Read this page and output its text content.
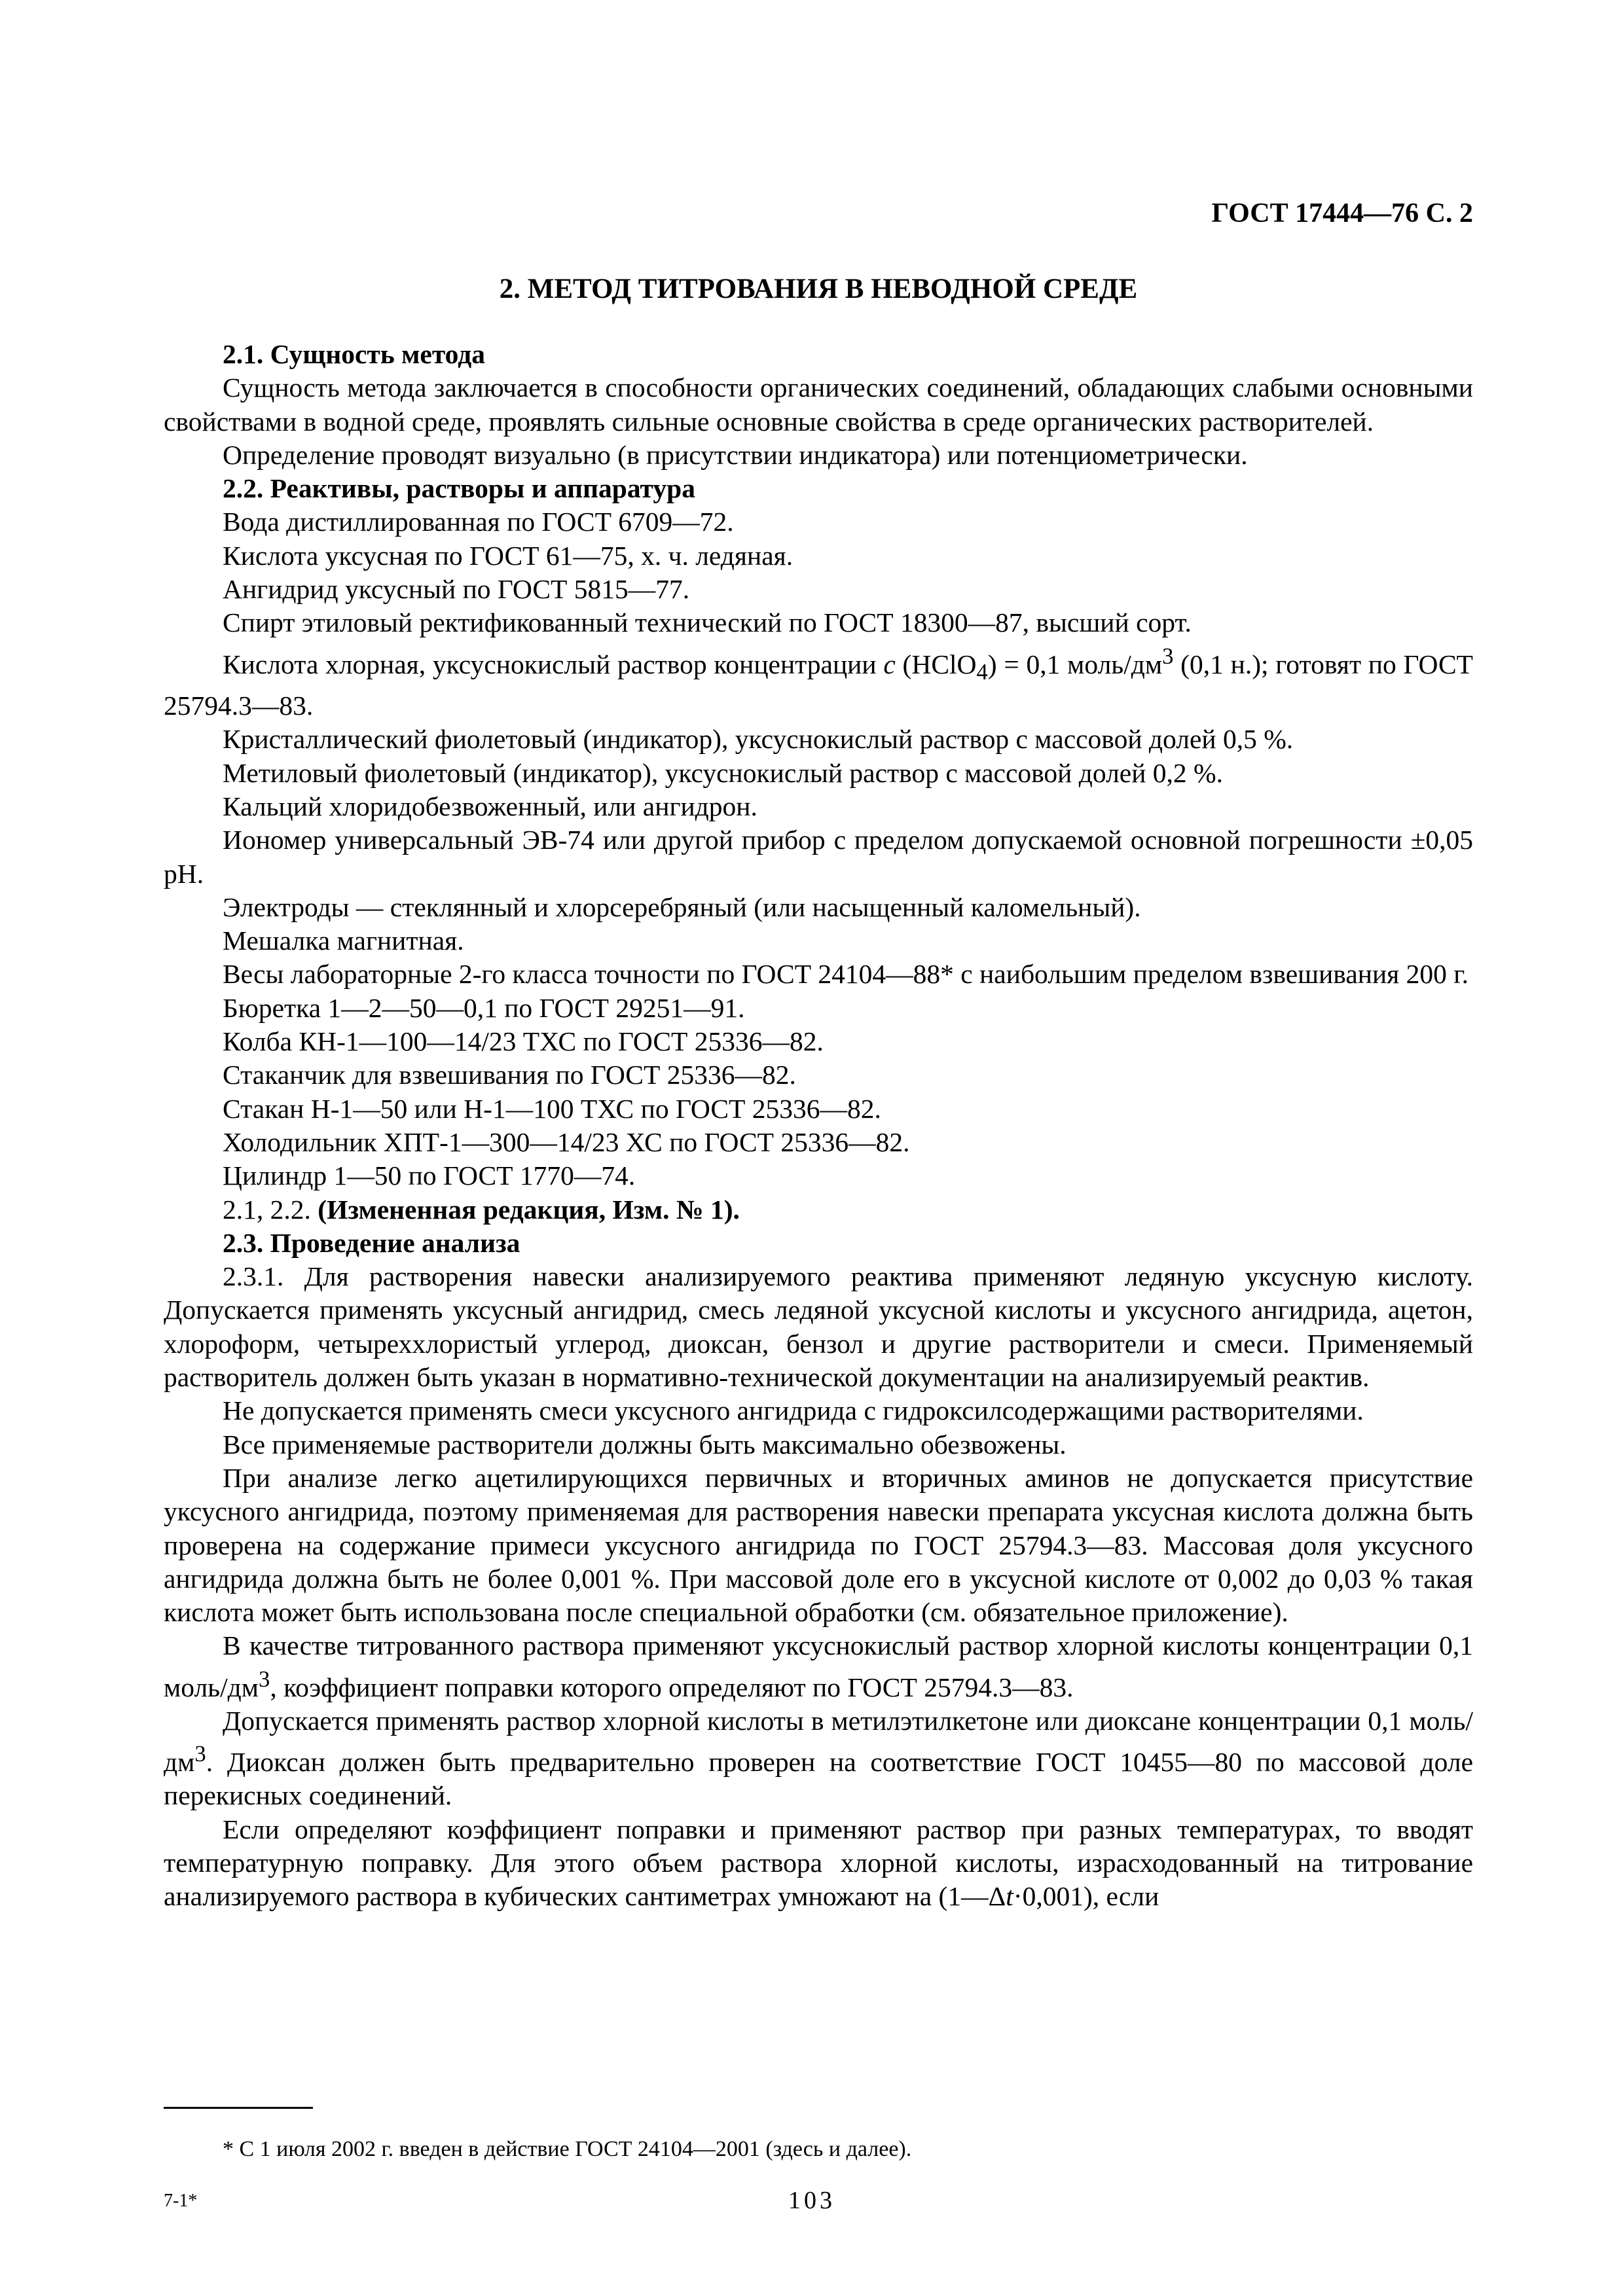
ГОСТ 17444—76 С. 2
2. МЕТОД ТИТРОВАНИЯ В НЕВОДНОЙ СРЕДЕ

2.1. Сущность метода

Сущность метода заключается в способности органических соединений, обладающих слабыми основными свойствами в водной среде, проявлять сильные основные свойства в среде органических растворителей.

Определение проводят визуально (в присутствии индикатора) или потенциометрически.

2.2. Реактивы, растворы и аппаратура

Вода дистиллированная по ГОСТ 6709—72.

Кислота уксусная по ГОСТ 61—75, х. ч. ледяная.

Ангидрид уксусный по ГОСТ 5815—77.

Спирт этиловый ректификованный технический по ГОСТ 18300—87, высший сорт.

Кислота хлорная, уксуснокислый раствор концентрации c (HClO$_4$) = 0,1 моль/$дм^3$ (0,1 н.); готовят по ГОСТ 25794.3—83.

Кристаллический фиолетовый (индикатор), уксуснокислый раствор с массовой долей 0,5 %.

Метиловый фиолетовый (индикатор), уксуснокислый раствор с массовой долей 0,2 %.

Кальций хлоридобезвоженный, или ангидрон.

Иономер универсальный ЭВ-74 или другой прибор с пределом допускаемой основной погрешности ±0,05 pH.

Электроды — стеклянный и хлорсеребряный (или насыщенный каломельный).

Мешалка магнитная.

Весы лабораторные 2-го класса точности по ГОСТ 24104—88* с наибольшим пределом взвешивания 200 г.

Бюретка 1—2—50—0,1 по ГОСТ 29251—91.

Колба КН-1—100—14/23 ТХС по ГОСТ 25336—82.

Стаканчик для взвешивания по ГОСТ 25336—82.

Стакан Н-1—50 или Н-1—100 ТХС по ГОСТ 25336—82.

Холодильник ХПТ-1—300—14/23 ХС по ГОСТ 25336—82.

Цилиндр 1—50 по ГОСТ 1770—74.

2.1, 2.2. (Измененная редакция, Изм. № 1).

2.3. Проведение анализа

2.3.1. Для растворения навески анализируемого реактива применяют ледяную уксусную кислоту. Допускается применять уксусный ангидрид, смесь ледяной уксусной кислоты и уксусного ангидрида, ацетон, хлороформ, четыреххлористый углерод, диоксан, бензол и другие растворители и смеси. Применяемый растворитель должен быть указан в нормативно-технической документации на анализируемый реактив.

Не допускается применять смеси уксусного ангидрида с гидроксилсодержащими растворителями.

Все применяемые растворители должны быть максимально обезвожены.

При анализе легко ацетилирующихся первичных и вторичных аминов не допускается присутствие уксусного ангидрида, поэтому применяемая для растворения навески препарата уксусная кислота должна быть проверена на содержание примеси уксусного ангидрида по ГОСТ 25794.3—83. Массовая доля уксусного ангидрида должна быть не более 0,001 %. При массовой доле его в уксусной кислоте от 0,002 до 0,03 % такая кислота может быть использована после специальной обработки (см. обязательное приложение).

В качестве титрованного раствора применяют уксуснокислый раствор хлорной кислоты концентрации 0,1 моль/$дм^3$, коэффициент поправки которого определяют по ГОСТ 25794.3—83.

Допускается применять раствор хлорной кислоты в метилэтилкетоне или диоксане концентрации 0,1 моль/$дм^3$. Диоксан должен быть предварительно проверен на соответствие ГОСТ 10455—80 по массовой доле перекисных соединений.

Если определяют коэффициент поправки и применяют раствор при разных температурах, то вводят температурную поправку. Для этого объем раствора хлорной кислоты, израсходованный на титрование анализируемого раствора в кубических сантиметрах умножают на (1—Δt·0,001), если

* С 1 июля 2002 г. введен в действие ГОСТ 24104—2001 (здесь и далее).
7-1*	103
